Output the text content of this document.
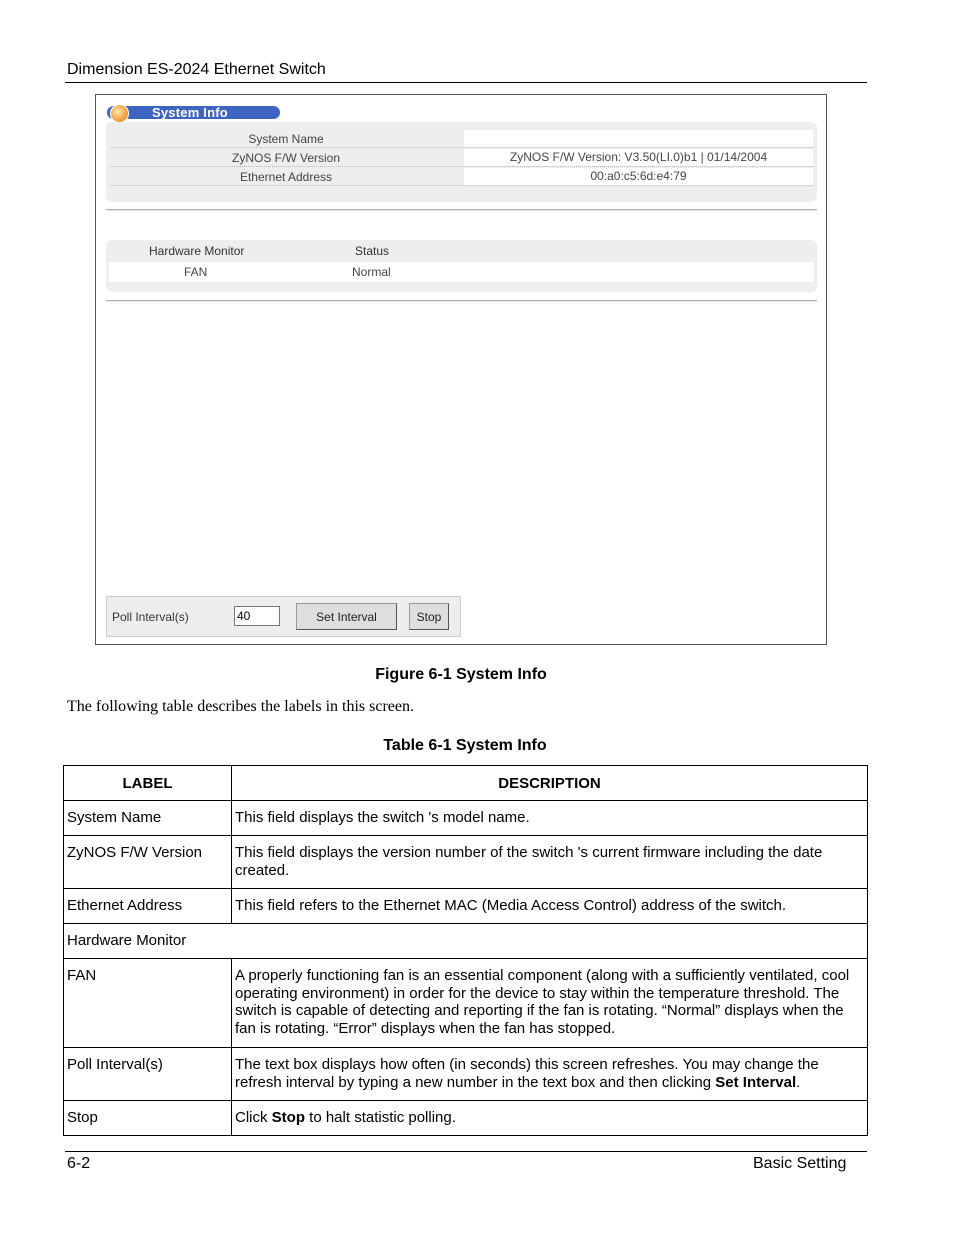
Dimension ES-2024 Ethernet Switch
System Info
System Name
ZyNOS F/W Version	ZyNOS F/W Version: V3.50(LI.0)b1 | 01/14/2004
Ethernet Address	00:a0:c5:6d:e4:79
Hardware Monitor	Status
FAN	Normal
Poll Interval(s)
40	Set Interval	Stop
Figure 6-1 System Info
The following table describes the labels in this screen.
Table 6-1 System Info
LABEL	DESCRIPTION
System Name	This field displays the switch 's model name.
ZyNOS F/W Version	This field displays the version number of the switch 's current firmware including the date created.
Ethernet Address	This field refers to the Ethernet MAC (Media Access Control) address of the switch.
Hardware Monitor	
FAN	A properly functioning fan is an essential component (along with a sufficiently ventilated, cool operating environment) in order for the device to stay within the temperature threshold. The switch is capable of detecting and reporting if the fan is rotating. “Normal” displays when the fan is rotating. “Error” displays when the fan has stopped.
Poll Interval(s)	The text box displays how often (in seconds) this screen refreshes. You may change the refresh interval by typing a new number in the text box and then clicking Set Interval.
Stop	Click Stop to halt statistic polling.
6-2	Basic Setting
